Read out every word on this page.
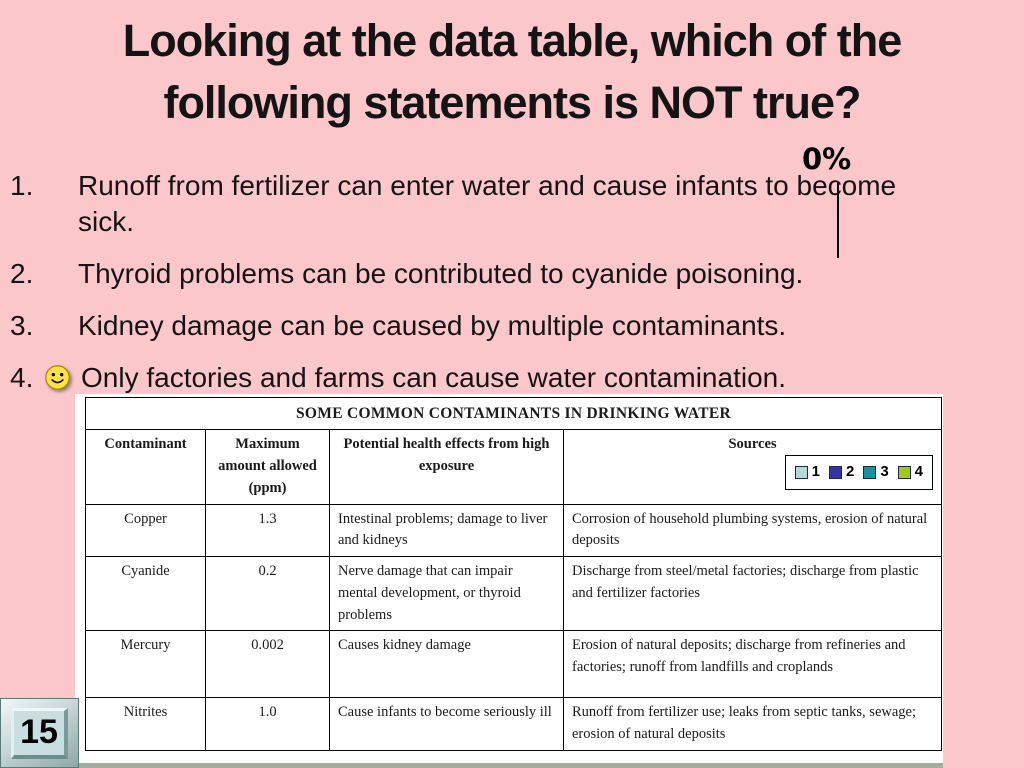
Looking at the data table, which of the following statements is NOT true?
0%
1.	Runoff from fertilizer can enter water and cause infants to become sick.
2.	Thyroid problems can be contributed to cyanide poisoning.
3.	Kidney damage can be caused by multiple contaminants.
4.	Only factories and farms can cause water contamination.
SOME COMMON CONTAMINANTS IN DRINKING WATER			
Contaminant	Maximum amount allowed (ppm)	Potential health effects from high exposure	Sources
1 2 3 4

Copper	1.3	Intestinal problems; damage to liver and kidneys	Corrosion of household plumbing systems, erosion of natural deposits
Cyanide	0.2	Nerve damage that can impair mental development, or thyroid problems	Discharge from steel/metal factories; discharge from plastic and fertilizer factories
Mercury	0.002	Causes kidney damage	Erosion of natural deposits; discharge from refineries and factories; runoff from landfills and croplands
Nitrites	1.0	Cause infants to become seriously ill	Runoff from fertilizer use; leaks from septic tanks, sewage; erosion of natural deposits
15
